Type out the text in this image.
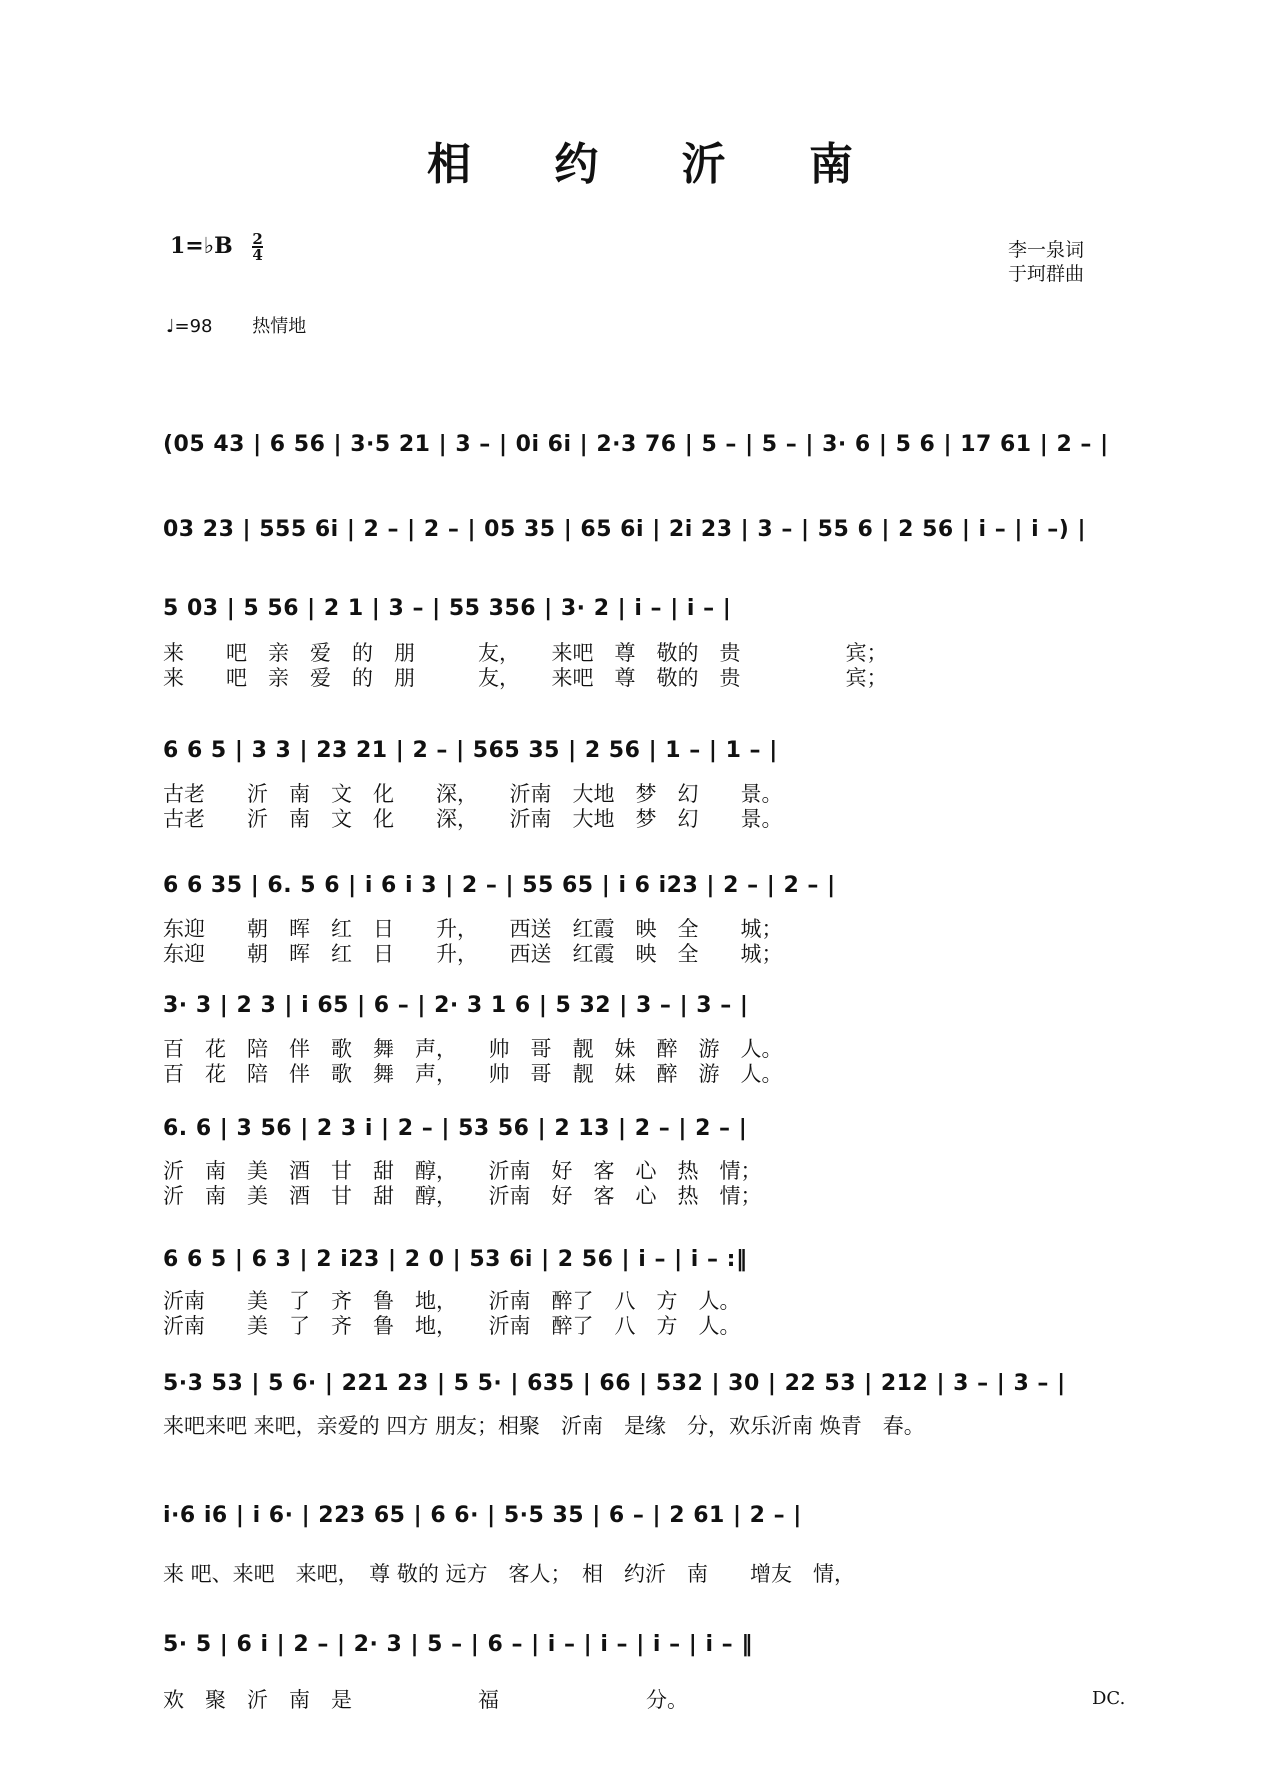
相 约 沂 南
1=♭B $\frac{2}{4}$	李一泉词
于珂群曲
♩=98 热情地
(05 43 | 6 56 | 3·5 21 | 3 – | 0i 6i | 2·3 76 | 5 – | 5 – | 3· 6 | 5 6 | 17 61 | 2 – |
03 23 | 555 6i | 2 – | 2 – | 05 35 | 65 6i | 2i 23 | 3 – | 55 6 | 2 56 | i – | i –) |
5 03 | 5 56 | 2 1 | 3 – | 55 356 | 3· 2 | i – | i – |
来　　吧　亲　爱　的　朋　　　友，　　来吧　尊　敬的　贵　　　　　宾；
来　　吧　亲　爱　的　朋　　　友，　　来吧　尊　敬的　贵　　　　　宾；
6 6 5 | 3 3 | 23 21 | 2 – | 565 35 | 2 56 | 1 – | 1 – |
古老　　沂　南　文　化　　深，　　沂南　大地　梦　幻　　景。
古老　　沂　南　文　化　　深，　　沂南　大地　梦　幻　　景。
6 6 35 | 6. 5 6 | i 6 i 3 | 2 – | 55 65 | i 6 i23 | 2 – | 2 – |
东迎　　朝　晖　红　日　　升，　　西送　红霞　映　全　　城；
东迎　　朝　晖　红　日　　升，　　西送　红霞　映　全　　城；
3· 3 | 2 3 | i 65 | 6 – | 2· 3 1 6 | 5 32 | 3 – | 3 – |
百　花　陪　伴　歌　舞　声，　　帅　哥　靓　妹　醉　游　人。
百　花　陪　伴　歌　舞　声，　　帅　哥　靓　妹　醉　游　人。
6. 6 | 3 56 | 2 3 i | 2 – | 53 56 | 2 13 | 2 – | 2 – |
沂　南　美　酒　甘　甜　醇，　　沂南　好　客　心　热　情；
沂　南　美　酒　甘　甜　醇，　　沂南　好　客　心　热　情；
6 6 5 | 6 3 | 2 i23 | 2 0 | 53 6i | 2 56 | i – | i – :‖
沂南　　美　了　齐　鲁　地，　　沂南　醉了　八　方　人。
沂南　　美　了　齐　鲁　地，　　沂南　醉了　八　方　人。
5·3 53 | 5 6· | 221 23 | 5 5· | 635 | 66 | 532 | 30 | 22 53 | 212 | 3 – | 3 – |
来吧来吧 来吧，亲爱的 四方 朋友；相聚　沂南　是缘　分，欢乐沂南 焕青　春。
i·6 i6 | i 6· | 223 65 | 6 6· | 5·5 35 | 6 – | 2 61 | 2 – |
来 吧、来吧　来吧，　尊 敬的 远方　客人；　相　约沂　南　　增友　情，
5· 5 | 6 i | 2 – | 2· 3 | 5 – | 6 – | i – | i – | i – | i – ‖
欢　聚　沂　南　是　　　　　　福　　　　　　　分。	DC.
